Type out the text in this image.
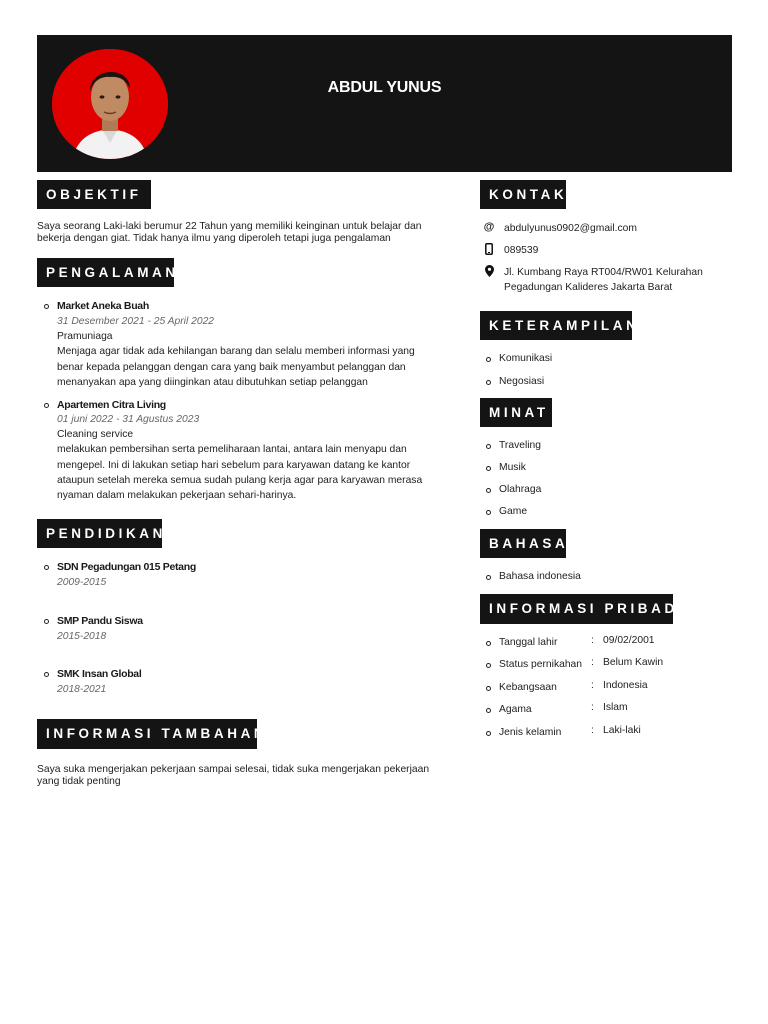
ABDUL YUNUS
OBJEKTIF

Saya seorang Laki-laki berumur 22 Tahun yang memiliki keinginan untuk belajar dan bekerja dengan giat. Tidak hanya ilmu yang diperoleh tetapi juga pengalaman

PENGALAMAN
Market Aneka Buah
31 Desember 2021 - 25 April 2022
Pramuniaga
Menjaga agar tidak ada kehilangan barang dan selalu memberi informasi yang benar kepada pelanggan dengan cara yang baik menyambut pelanggan dan menanyakan apa yang diinginkan atau dibutuhkan setiap pelanggan
Apartemen Citra Living
01 juni 2022 - 31 Agustus 2023
Cleaning service
melakukan pembersihan serta pemeliharaan lantai, antara lain menyapu dan mengepel. Ini di lakukan setiap hari sebelum para karyawan datang ke kantor ataupun setelah mereka semua sudah pulang kerja agar para karyawan merasa nyaman dalam melakukan pekerjaan sehari-harinya.
PENDIDIKAN
SDN Pegadungan 015 Petang
2009-2015
SMP Pandu Siswa
2015-2018
SMK Insan Global
2018-2021
INFORMASI TAMBAHAN

Saya suka mengerjakan pekerjaan sampai selesai, tidak suka mengerjakan pekerjaan yang tidak penting

KONTAK
@ abdulyunus0902@gmail.com
089539
Jl. Kumbang Raya RT004/RW01 Kelurahan Pegadungan Kalideres Jakarta Barat
KETERAMPILAN
Komunikasi
Negosiasi
MINAT
Traveling
Musik
Olahraga
Game
BAHASA
Bahasa indonesia
INFORMASI PRIBADI
Tanggal lahir	: 09/02/2001
Status pernikahan : Belum Kawin
Kebangsaan	: Indonesia
Agama	: Islam
Jenis kelamin	: Laki-laki
